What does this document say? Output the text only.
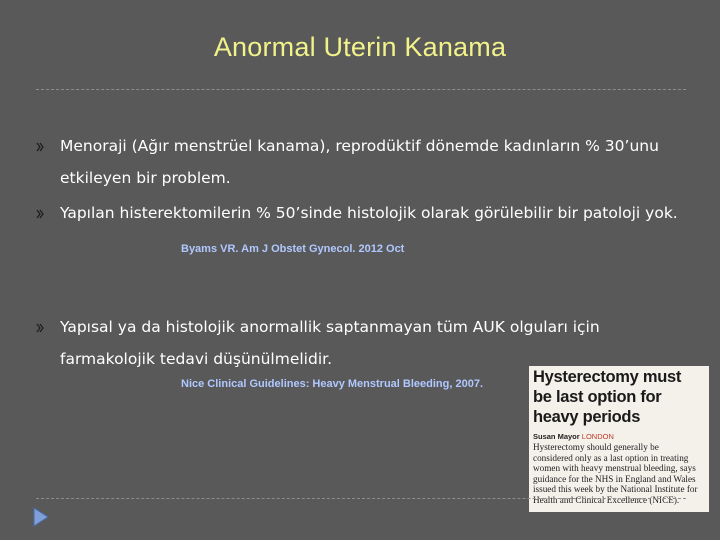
Anormal Uterin Kanama
Menoraji (Ağır menstrüel kanama), reprodüktif dönemde kadınların % 30’unu
etkileyen bir problem.
Yapılan histerektomilerin % 50’sinde histolojik olarak görülebilir bir patoloji yok.
Byams VR. Am J Obstet Gynecol. 2012 Oct
Yapısal ya da histolojik anormallik saptanmayan tüm AUK olguları için
farmakolojik tedavi düşünülmelidir.
Nice Clinical Guidelines: Heavy Menstrual Bleeding, 2007.	Hysterectomy must
be last option for
heavy periods
Susan Mayor LONDON
Hysterectomy should generally be
considered only as a last option in treating
women with heavy menstrual bleeding, says
guidance for the NHS in England and Wales
issued this week by the National Institute for
Health and Clinical Excellence (NICE).
